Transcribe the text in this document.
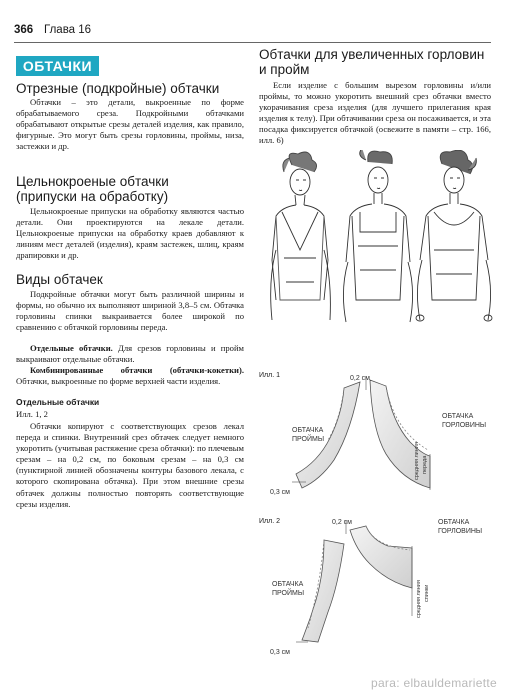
366 Глава 16
ОБТАЧКИ
Отрезные (подкройные) обтачки
Обтачки – это детали, выкроенные по форме обрабатываемого среза. Подкройными обтачками обрабатывают открытые срезы деталей изделия, как правило, фигурные. Это могут быть срезы горловины, проймы, низа, застежки и др.
Цельнокроеные обтачки
(припуски на обработку)
Цельнокроеные припуски на обработку являются частью детали. Они проектируются на лекале детали. Цельнокроеные припуски на обработку краев добавляют к линиям мест деталей (изделия), краям застежек, шлиц, краям драпировки и др.
Виды обтачек
Подкройные обтачки могут быть различной ширины и формы, но обычно их выполняют шириной 3,8–5 см. Обтачка горловины спинки выкраивается более широкой по сравнению с обтачкой горловины переда.
Отдельные обтачки. Для срезов горловины и пройм выкраивают отдельные обтачки.
Комбинированные обтачки (обтачки-кокетки). Обтачки, выкроенные по форме верхней части изделия.
Отдельные обтачки
Илл. 1, 2
Обтачки копируют с соответствующих срезов лекал переда и спинки. Внутренний срез обтачек следует немного укоротить (учитывая растяжение среза обтачки): по плечевым срезам – на 0,2 см, по боковым срезам – на 0,3 см (пунктирной линией обозначены контуры базового лекала, с которого скопирована обтачка). При этом внешние срезы обтачек должны полностью повторять соответствующие срезы изделия.
Обтачки для увеличенных горловин
и пройм
Если изделие с большим вырезом горловины и/или проймы, то можно укоротить внешний срез обтачки вместо укорачивания среза изделия (для лучшего прилегания края изделия к телу). При обтачивании среза он посаживается, и эта посадка фиксируется обтачкой (освежите в памяти – стр. 166, илл. 6)
Илл. 1	0,2 см
0,3 см
ОБТАЧКА
ПРОЙМЫ
ОБТАЧКА
ГОРЛОВИНЫ
средняя линия переда
Илл. 2	0,2 см
0,3 см
ОБТАЧКА
ПРОЙМЫ
ОБТАЧКА
ГОРЛОВИНЫ
средняя линия спинки
para: elbauldemariette
